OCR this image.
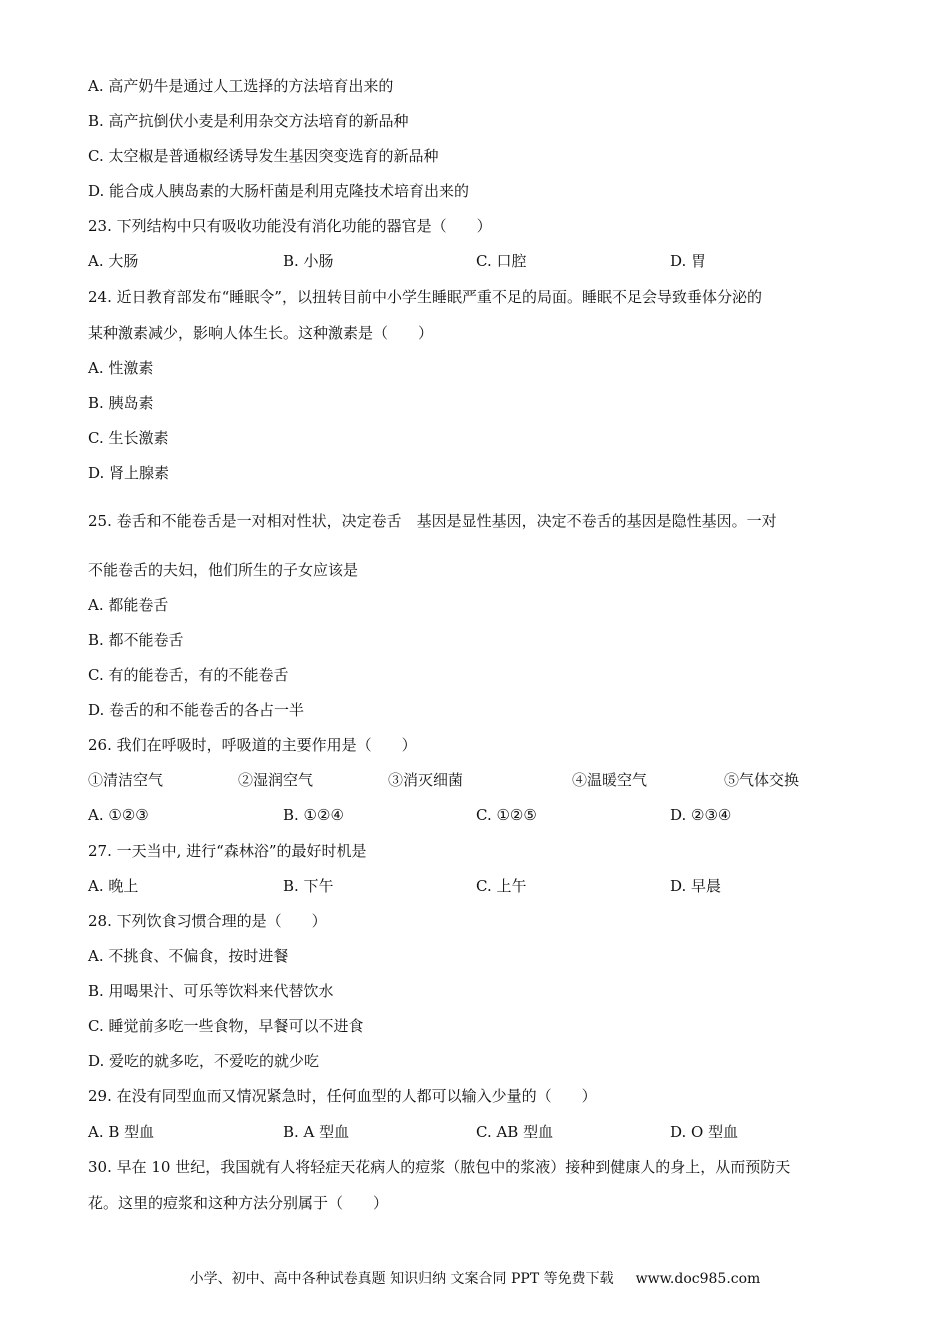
A. 高产奶牛是通过人工选择的方法培育出来的
B. 高产抗倒伏小麦是利用杂交方法培育的新品种
C. 太空椒是普通椒经诱导发生基因突变选育的新品种
D. 能合成人胰岛素的大肠杆菌是利用克隆技术培育出来的
23. 下列结构中只有吸收功能没有消化功能的器官是（　　）
A. 大肠	B. 小肠	C. 口腔	D. 胃
24. 近日教育部发布“睡眠令”，以扭转目前中小学生睡眠严重不足的局面。睡眠不足会导致垂体分泌的
某种激素减少，影响人体生长。这种激素是（　　）
A. 性激素
B. 胰岛素
C. 生长激素
D. 肾上腺素
25. 卷舌和不能卷舌是一对相对性状，决定卷舌　基因是显性基因，决定不卷舌的基因是隐性基因。一对
不能卷舌的夫妇，他们所生的子女应该是
A. 都能卷舌
B. 都不能卷舌
C. 有的能卷舌，有的不能卷舌
D. 卷舌的和不能卷舌的各占一半
26. 我们在呼吸时，呼吸道的主要作用是（　　）
①清洁空气	②湿润空气	③消灭细菌	④温暖空气	⑤气体交换
A. ①②③	B. ①②④	C. ①②⑤	D. ②③④
27. 一天当中, 进行“森林浴”的最好时机是
A. 晚上	B. 下午	C. 上午	D. 早晨
28. 下列饮食习惯合理的是（　　）
A. 不挑食、不偏食，按时进餐
B. 用喝果汁、可乐等饮料来代替饮水
C. 睡觉前多吃一些食物，早餐可以不进食
D. 爱吃的就多吃，不爱吃的就少吃
29. 在没有同型血而又情况紧急时，任何血型的人都可以输入少量的（　　）
A. B 型血	B. A 型血	C. AB 型血	D. O 型血
30. 早在 10 世纪，我国就有人将轻症天花病人的痘浆（脓包中的浆液）接种到健康人的身上，从而预防天
花。这里的痘浆和这种方法分别属于（　　）
小学、初中、高中各种试卷真题 知识归纳 文案合同 PPT 等免费下载 www.doc985.com
